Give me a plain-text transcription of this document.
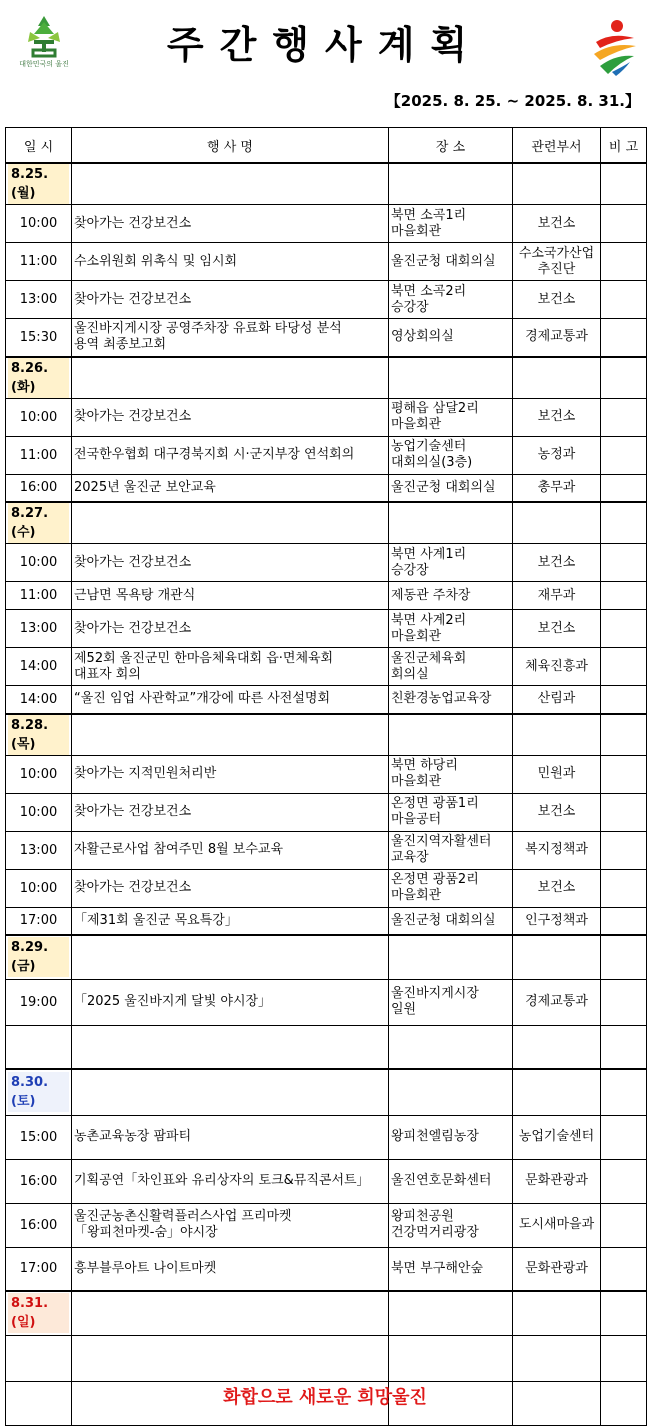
대한민국의 울진	주간행사계획
【2025. 8. 25. ~ 2025. 8. 31.】
일 시	행 사 명	장 소	관련부서	비 고
8.25.(월)				
10:00	찾아가는 건강보건소	북면 소곡1리
마을회관	보건소	
11:00	수소위원회 위촉식 및 임시회	울진군청 대회의실	수소국가산업
추진단	
13:00	찾아가는 건강보건소	북면 소곡2리
승강장	보건소	
15:30	울진바지게시장 공영주차장 유료화 타당성 분석
용역 최종보고회	영상회의실	경제교통과	
8.26.(화)				
10:00	찾아가는 건강보건소	평해읍 삼달2리
마을회관	보건소	
11:00	전국한우협회 대구경북지회 시·군지부장 연석회의	농업기술센터
대회의실(3층)	농정과	
16:00	2025년 울진군 보안교육	울진군청 대회의실	총무과	
8.27.(수)				
10:00	찾아가는 건강보건소	북면 사계1리
승강장	보건소	
11:00	근남면 목욕탕 개관식	제동관 주차장	재무과	
13:00	찾아가는 건강보건소	북면 사계2리
마을회관	보건소	
14:00	제52회 울진군민 한마음체육대회 읍·면체육회
대표자 회의	울진군체육회
회의실	체육진흥과	
14:00	“울진 임업 사관학교”개강에 따른 사전설명회	친환경농업교육장	산림과	
8.28.(목)				
10:00	찾아가는 지적민원처리반	북면 하당리
마을회관	민원과	
10:00	찾아가는 건강보건소	온정면 광품1리
마을공터	보건소	
13:00	자활근로사업 참여주민 8월 보수교육	울진지역자활센터
교육장	복지정책과	
10:00	찾아가는 건강보건소	온정면 광품2리
마을회관	보건소	
17:00	「제31회 울진군 목요특강」	울진군청 대회의실	인구정책과	
8.29.(금)				
19:00	「2025 울진바지게 달빛 야시장」	울진바지게시장
일원	경제교통과	

8.30.(토)				
15:00	농촌교육농장 팜파티	왕피천엘림농장	농업기술센터	
16:00	기획공연「차인표와 유리상자의 토크&뮤직콘서트」	울진연호문화센터	문화관광과	
16:00	울진군농촌신활력플러스사업 프리마켓
「왕피천마켓-숨」야시장	왕피천공원
건강먹거리광장	도시새마을과	
17:00	흥부블루아트 나이트마켓	북면 부구해안숲	문화관광과	
8.31.(일)				

화합으로 새로운 희망울진
